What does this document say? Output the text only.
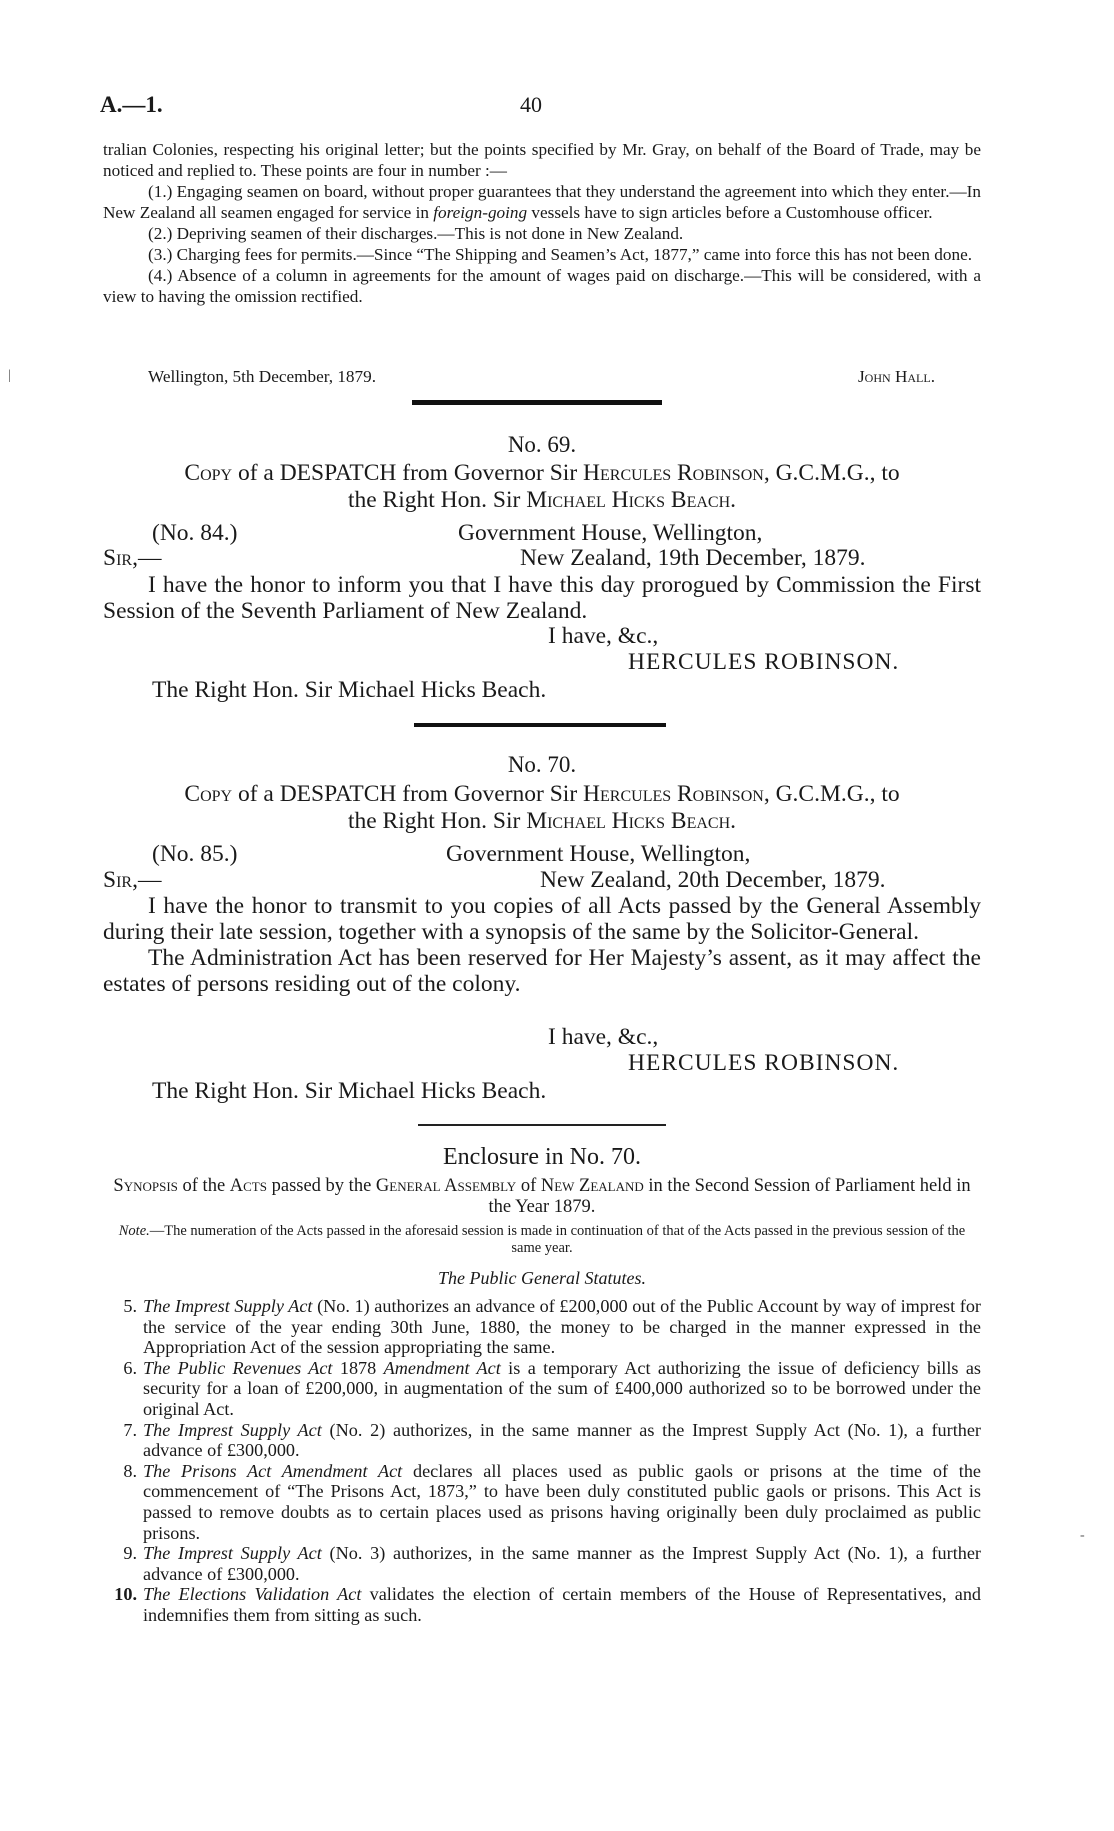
A.—1.	40
tralian Colonies, respecting his original letter; but the points specified by Mr. Gray, on behalf of the Board of Trade, may be noticed and replied to. These points are four in number :—
(1.) Engaging seamen on board, without proper guarantees that they understand the agreement into which they enter.—In New Zealand all seamen engaged for service in foreign-going vessels have to sign articles before a Customhouse officer.
(2.) Depriving seamen of their discharges.—This is not done in New Zealand.
(3.) Charging fees for permits.—Since “The Shipping and Seamen’s Act, 1877,” came into force this has not been done.
(4.) Absence of a column in agreements for the amount of wages paid on discharge.—This will be considered, with a view to having the omission rectified.
Wellington, 5th December, 1879.	John Hall.
No. 69.
Copy of a DESPATCH from Governor Sir Hercules Robinson, G.C.M.G., to
the Right Hon. Sir Michael Hicks Beach.
(No. 84.)	Government House, Wellington,
Sir,—	New Zealand, 19th December, 1879.
I have the honor to inform you that I have this day prorogued by Commission the First Session of the Seventh Parliament of New Zealand.
I have, &c.,
HERCULES ROBINSON.
The Right Hon. Sir Michael Hicks Beach.
No. 70.
Copy of a DESPATCH from Governor Sir Hercules Robinson, G.C.M.G., to
the Right Hon. Sir Michael Hicks Beach.
(No. 85.)	Government House, Wellington,
Sir,—	New Zealand, 20th December, 1879.
I have the honor to transmit to you copies of all Acts passed by the General Assembly during their late session, together with a synopsis of the same by the Solicitor-General.
The Administration Act has been reserved for Her Majesty’s assent, as it may affect the estates of persons residing out of the colony.
I have, &c.,
HERCULES ROBINSON.
The Right Hon. Sir Michael Hicks Beach.
Enclosure in No. 70.
Synopsis of the Acts passed by the General Assembly of New Zealand in the Second Session of Parliament held in the Year 1879.
Note.—The numeration of the Acts passed in the aforesaid session is made in continuation of that of the Acts passed in the previous session of the same year.
The Public General Statutes.
5. The Imprest Supply Act (No. 1) authorizes an advance of £200,000 out of the Public Account by way of imprest for the service of the year ending 30th June, 1880, the money to be charged in the manner expressed in the Appropriation Act of the session appropriating the same.
6. The Public Revenues Act 1878 Amendment Act is a temporary Act authorizing the issue of deficiency bills as security for a loan of £200,000, in augmentation of the sum of £400,000 authorized so to be borrowed under the original Act.
7. The Imprest Supply Act (No. 2) authorizes, in the same manner as the Imprest Supply Act (No. 1), a further advance of £300,000.
8. The Prisons Act Amendment Act declares all places used as public gaols or prisons at the time of the commencement of “The Prisons Act, 1873,” to have been duly constituted public gaols or prisons. This Act is passed to remove doubts as to certain places used as prisons having originally been duly proclaimed as public prisons.
9. The Imprest Supply Act (No. 3) authorizes, in the same manner as the Imprest Supply Act (No. 1), a further advance of £300,000.
10. The Elections Validation Act validates the election of certain members of the House of Representatives, and indemnifies them from sitting as such.
-
|
